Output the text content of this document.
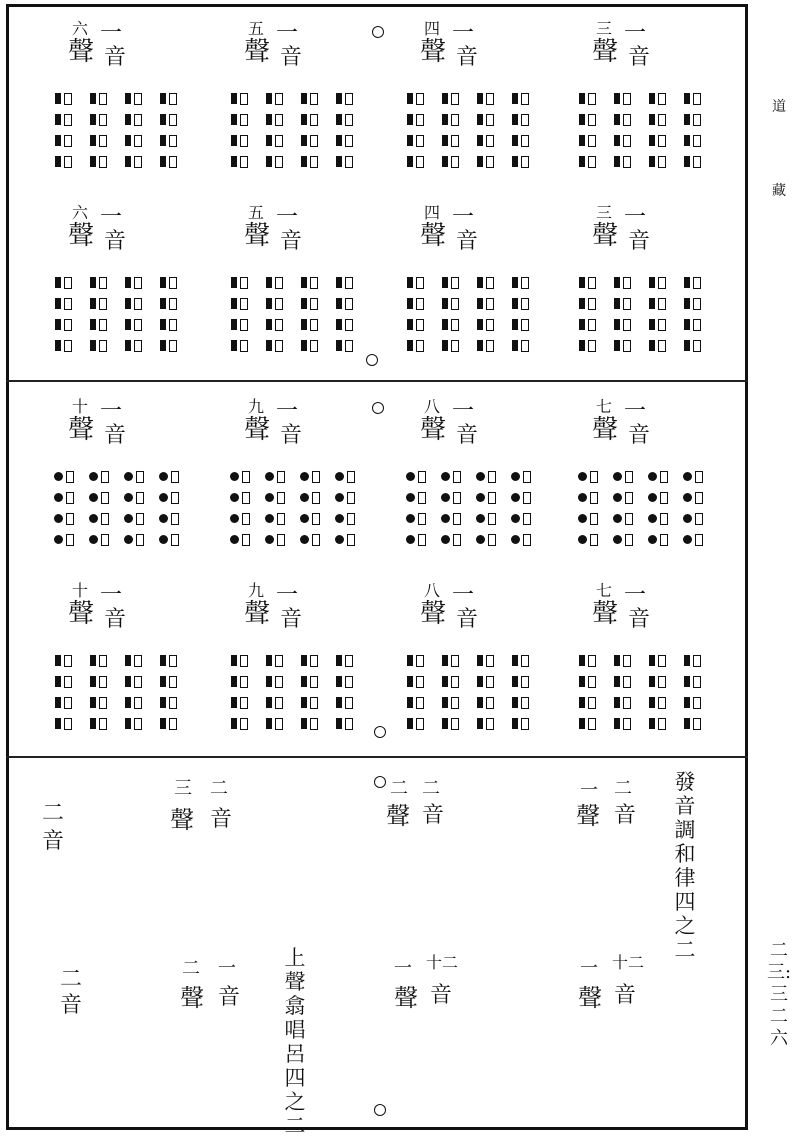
道
藏
二三:三二六
六 一
聲 音
五 一
聲 音
四 一
聲 音
三 一
聲 音
六 一
聲 音
五 一
聲 音
四 一
聲 音
三 一
聲 音
十 一
聲 音
九 一
聲 音
八 一
聲 音
七 一
聲 音
十 一
聲 音
九 一
聲 音
八 一
聲 音
七 一
聲 音
二
音
三 二
聲 音
二 二
聲 音
一 二
聲 音
發音調和律四之二
二
音
二 一
聲 音
上聲翕唱呂四之二
十二
一
聲 音
十二
一
聲 音
